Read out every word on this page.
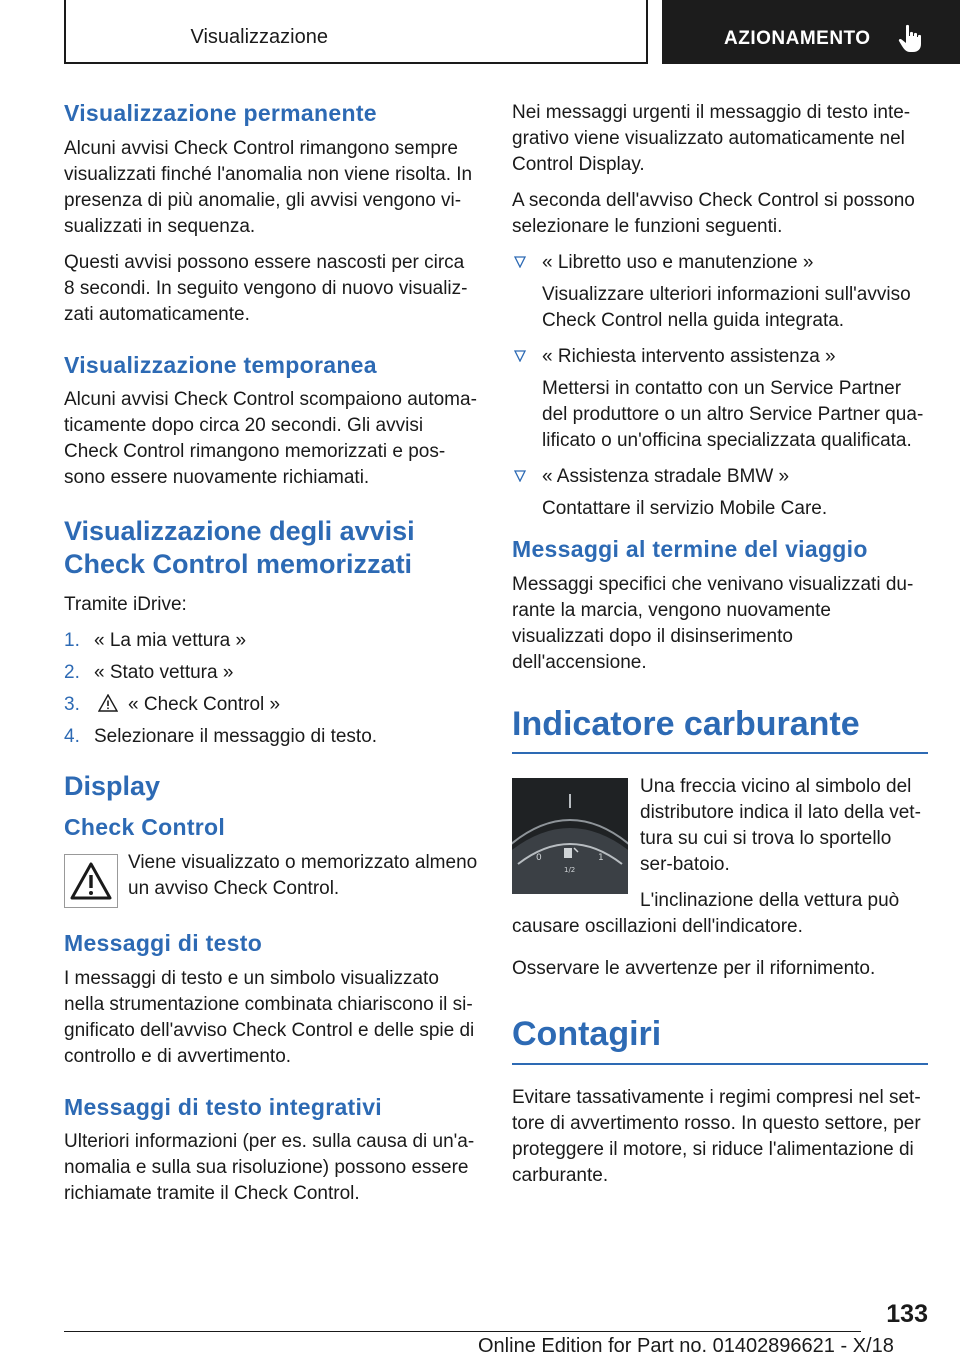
Visualizzazione	AZIONAMENTO
Visualizzazione permanente

Alcuni avvisi Check Control rimangono sempre visualizzati finché l'anomalia non viene risolta. In presenza di più anomalie, gli avvisi vengono vi-sualizzati in sequenza.

Questi avvisi possono essere nascosti per circa 8 secondi. In seguito vengono di nuovo visualiz-zati automaticamente.

Visualizzazione temporanea

Alcuni avvisi Check Control scompaiono automa-ticamente dopo circa 20 secondi. Gli avvisi Check Control rimangono memorizzati e pos-sono essere nuovamente richiamati.

Visualizzazione degli avvisi Check Control memorizzati

Tramite iDrive:

1. « La mia vettura »
2. « Stato vettura »
3.	« Check Control »
4. Selezionare il messaggio di testo.
Display
Check Control
Viene visualizzato o memorizzato almeno un avviso Check Control.
Messaggi di testo

I messaggi di testo e un simbolo visualizzato nella strumentazione combinata chiariscono il si-gnificato dell'avviso Check Control e delle spie di controllo e di avvertimento.

Messaggi di testo integrativi

Ulteriori informazioni (per es. sulla causa di un'a-nomalia e sulla sua risoluzione) possono essere richiamate tramite il Check Control.

Nei messaggi urgenti il messaggio di testo inte-grativo viene visualizzato automaticamente nel Control Display.

A seconda dell'avviso Check Control si possono selezionare le funzioni seguenti.

« Libretto uso e manutenzione »
Visualizzare ulteriori informazioni sull'avviso Check Control nella guida integrata.
« Richiesta intervento assistenza »
Mettersi in contatto con un Service Partner del produttore o un altro Service Partner qua-lificato o un'officina specializzata qualificata.
« Assistenza stradale BMW »
Contattare il servizio Mobile Care.
Messaggi al termine del viaggio

Messaggi specifici che venivano visualizzati du-rante la marcia, vengono nuovamente visualizzati dopo il disinserimento dell'accensione.

Indicatore carburante
0	1
1/2

Una freccia vicino al simbolo del distributore indica il lato della vet-tura su cui si trova lo sportello ser-batoio.

L'inclinazione della vettura può causare oscillazioni dell'indicatore.

Osservare le avvertenze per il rifornimento.

Contagiri

Evitare tassativamente i regimi compresi nel set-tore di avvertimento rosso. In questo settore, per proteggere il motore, si riduce l'alimentazione di carburante.

133
Online Edition for Part no. 01402896621 - X/18
